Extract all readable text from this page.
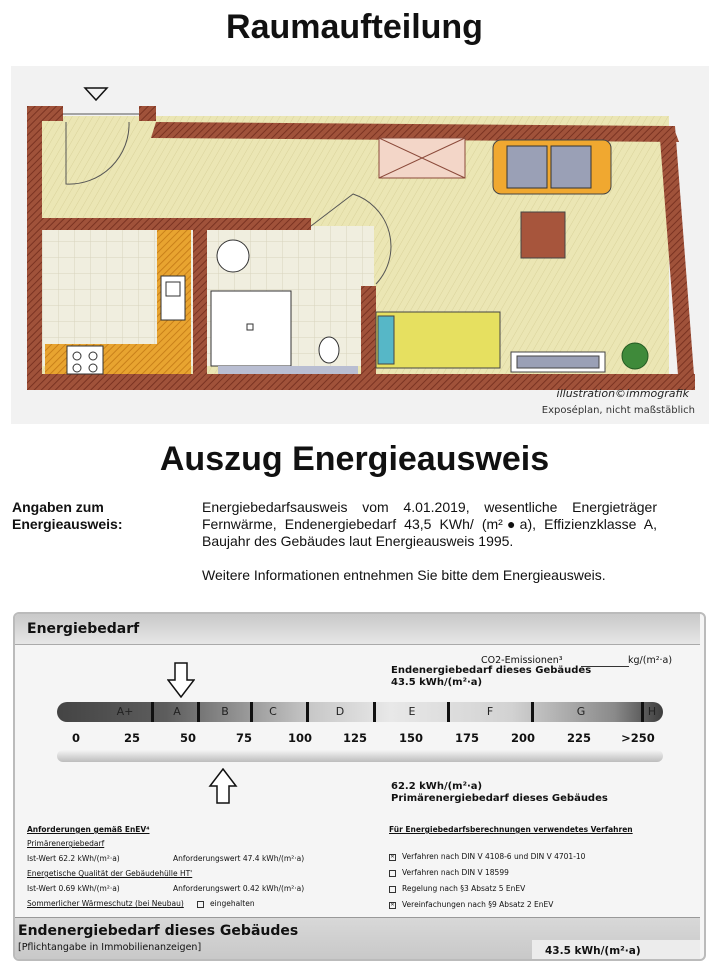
Raumaufteilung
illustration©immografik
Exposéplan, nicht maßstäblich
Auszug Energieausweis
Angaben zum
Energieausweis:

Energiebedarfsausweis vom 4.01.2019, wesentliche Energieträger Fernwärme, Endenergiebedarf 43,5 KWh/ (m²●a), Effizienzklasse A, Baujahr des Gebäudes laut Energieausweis 1995.

Weitere Informationen entnehmen Sie bitte dem Energieausweis.

Energiebedarf
CO2-Emissionen³	kg/(m²·a)
Endenergiebedarf dieses Gebäudes
43.5 kWh/(m²·a)
A+	A	B	C	D	E	F	G	H
0	25	50	75	100	125	150	175	200	225	>250
62.2 kWh/(m²·a)
Primärenergiebedarf dieses Gebäudes
Anforderungen gemäß EnEV⁴
Primärenergiebedarf
Ist-Wert 62.2 kWh/(m²·a)	Anforderungswert 47.4 kWh/(m²·a)
Energetische Qualität der Gebäudehülle HT'
Ist-Wert 0.69 kWh/(m²·a)	Anforderungswert 0.42 kWh/(m²·a)
Sommerlicher Wärmeschutz (bei Neubau)	eingehalten
Für Energiebedarfsberechnungen verwendetes Verfahren
✕ Verfahren nach DIN V 4108-6 und DIN V 4701-10
Verfahren nach DIN V 18599
Regelung nach §3 Absatz 5 EnEV
✕ Vereinfachungen nach §9 Absatz 2 EnEV
Endenergiebedarf dieses Gebäudes
[Pflichtangabe in Immobilienanzeigen]	43.5 kWh/(m²·a)
